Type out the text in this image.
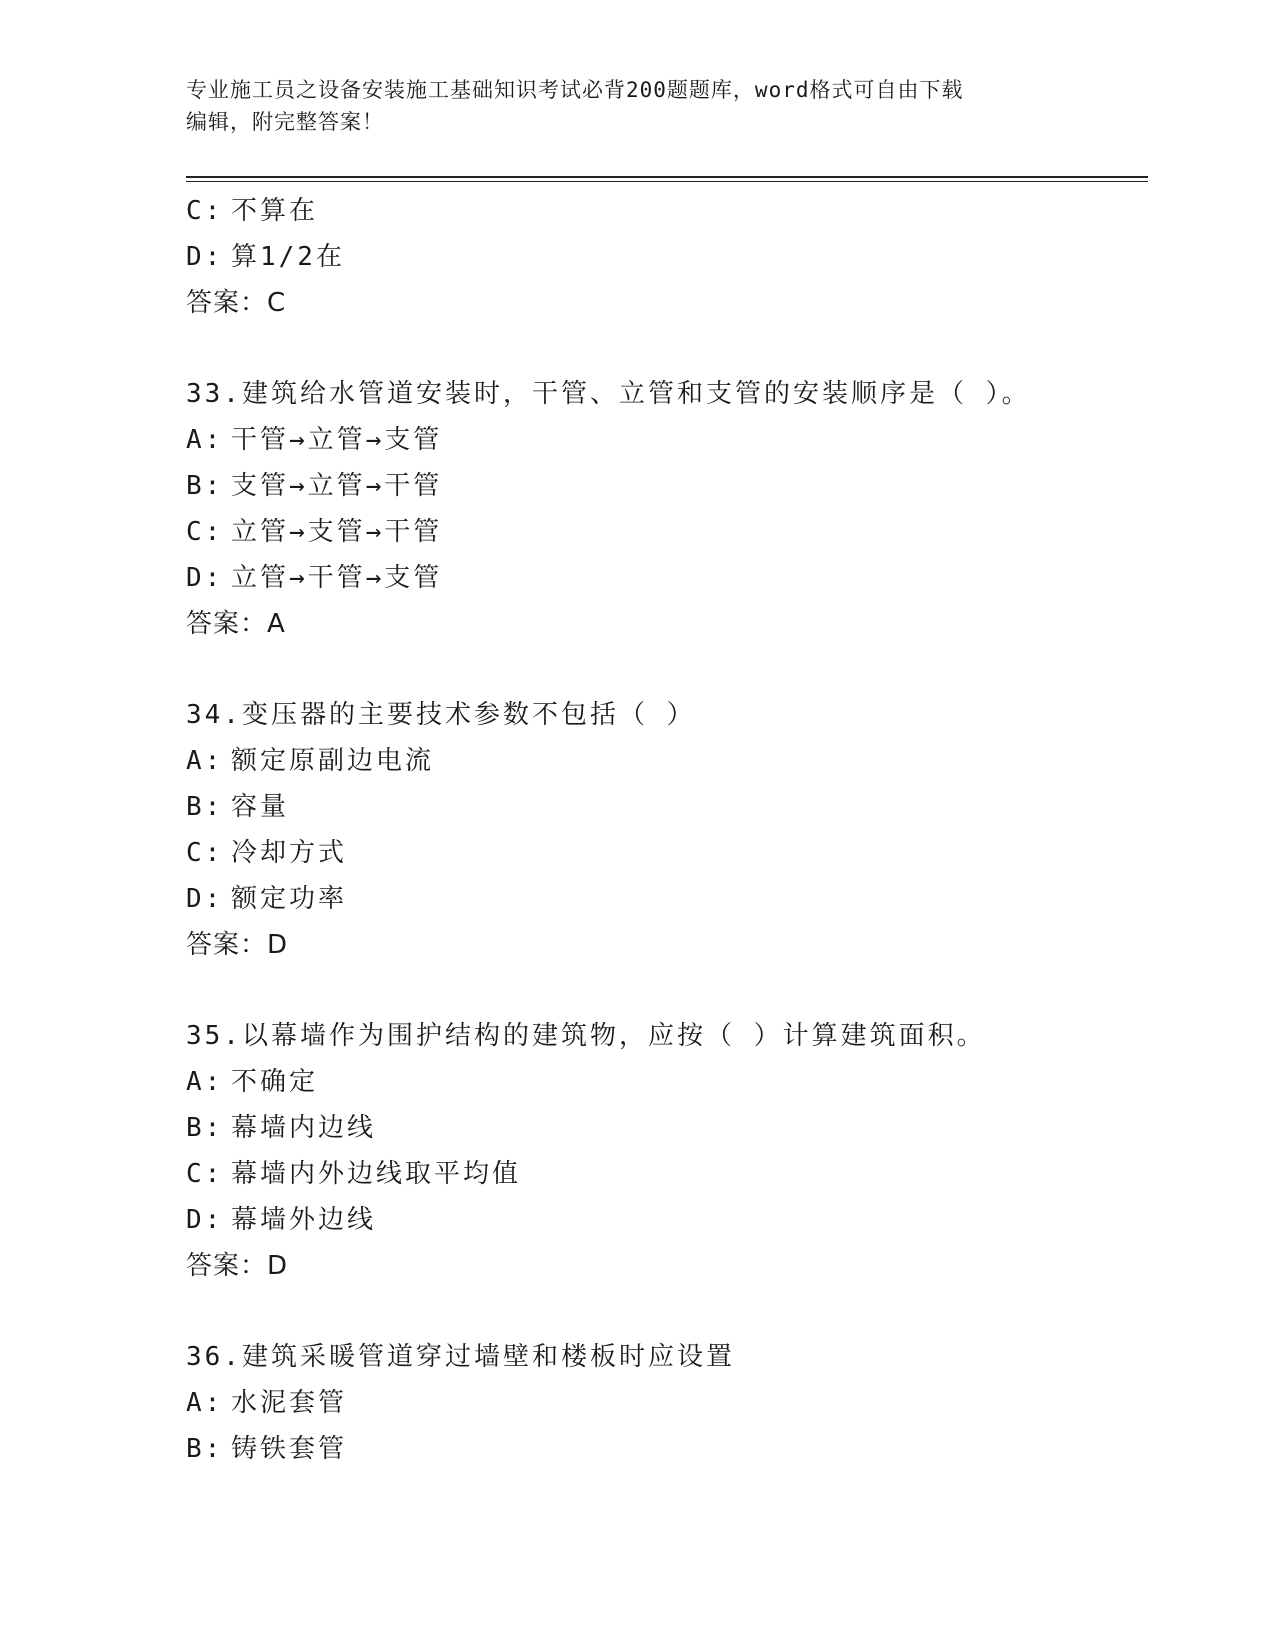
专业施工员之设备安装施工基础知识考试必背200题题库，word格式可自由下载
编辑，附完整答案！
C: 不算在
D: 算1/2在
答案：C
33.建筑给水管道安装时，干管、立管和支管的安装顺序是（ ）。
A: 干管→立管→支管
B: 支管→立管→干管
C: 立管→支管→干管
D: 立管→干管→支管
答案：A
34.变压器的主要技术参数不包括（ ）
A: 额定原副边电流
B: 容量
C: 冷却方式
D: 额定功率
答案：D
35.以幕墙作为围护结构的建筑物，应按（ ）计算建筑面积。
A: 不确定
B: 幕墙内边线
C: 幕墙内外边线取平均值
D: 幕墙外边线
答案：D
36.建筑采暖管道穿过墙壁和楼板时应设置
A: 水泥套管
B: 铸铁套管
